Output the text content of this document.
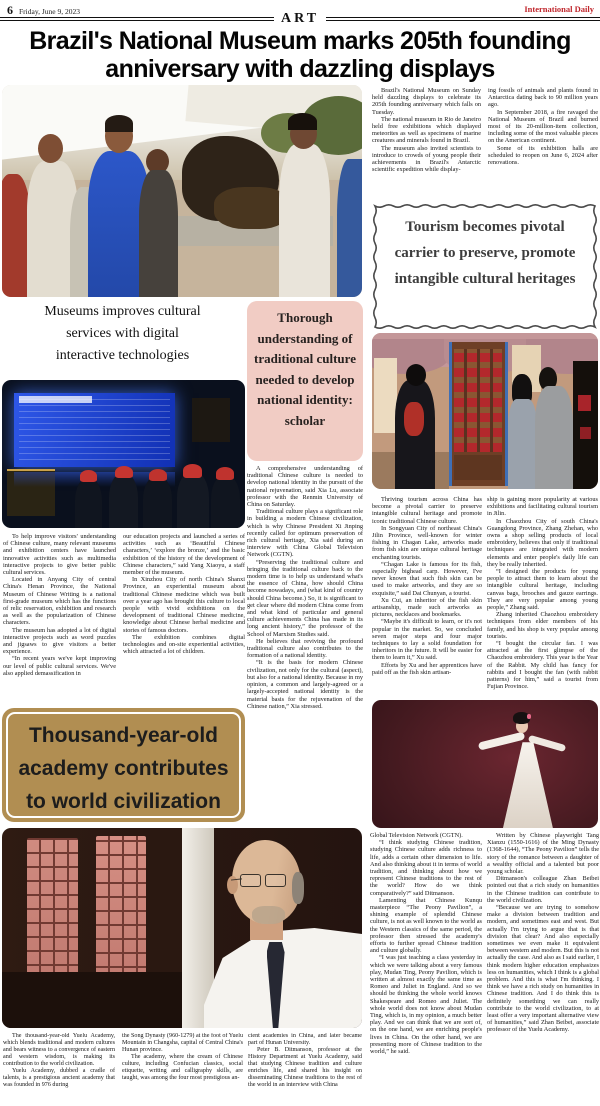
6 Friday, June 9, 2023	International Daily
ART
Brazil's National Museum marks 205th founding anniversary with dazzling displays

Brazil's National Museum on Sunday held dazzling displays to celebrate its 205th founding anniversary which falls on Tuesday.

The national museum in Rio de Janeiro held free exhibitions which displayed meteorites as well as specimens of marine creatures and minerals found in Brazil.

The museum also invited scientists to introduce to crowds of young people their achievements in Brazil's Antarctic scientific expedition while display-

ing fossils of animals and plants found in Antarctica dating back to 90 million years ago.

In September 2018, a fire ravaged the National Museum of Brazil and burned most of its 20-million-item collection, including some of the most valuable pieces on the American continent.

Some of its exhibition halls are scheduled to reopen on June 6, 2024 after renovations.

Tourism becomes pivotal carrier to preserve, promote intangible cultural heritages
Museums improves cultural services with digital interactive technologies
Thorough understanding of traditional culture needed to develop national identity: scholar

A comprehensive understanding of traditional Chinese culture is needed to develop national identity in the pursuit of the national rejuvenation, said Xia Lu, associate professor with the Renmin University of China on Saturday.

Traditional culture plays a significant role in building a modern Chinese civilization, which is why Chinese President Xi Jinping recently called for optimum preservation of rich cultural heritage, Xia said during an interview with China Global Television Network (CGTN).

“Preserving the traditional culture and bringing the traditional culture back to the modern time is to help us understand what's the essence of China, how should China become nowadays, and (what kind of country should China become.) So, it is significant to get clear where did modern China come from and what kind of particular and general culture achievements China has made in its long ancient history,” the professor of the School of Marxism Studies said.

He believes that reviving the profound traditional culture also contributes to the formation of a national identity.

“It is the basis for modern Chinese civilization, not only for the cultural (aspect), but also for a national identity. Because in my opinion, a common and largely-agreed or a largely-accepted national identity is the material basis for the rejuvenation of the Chinese nation,” Xia stressed.

To help improve visitors' understanding of Chinese culture, many relevant museums and exhibition centers have launched innovative activities such as multimedia interactive projects to give better public cultural services.

Located in Anyang City of central China's Henan Province, the National Museum of Chinese Writing is a national first-grade museum which has the functions of relic reservation, exhibition and research as well as the popularization of Chinese characters.

The museum has adopted a lot of digital interactive projects such as word puzzles and jigsaws to give visitors a better experience.

“In recent years we've kept improving our level of public cultural services. We've also applied demassification in

our education projects and launched a series of activities such as ‘Beautiful Chinese characters,’ ‘explore the bronze,’ and the basic exhibition of the history of the development of Chinese characters,” said Yang Xiaoyu, a staff member of the museum.

In Xinzhou City of north China's Shanxi Province, an experiential museum about traditional Chinese medicine which was built over a year ago has brought this culture to local people with vivid exhibitions on the development of traditional Chinese medicine, knowledge about Chinese herbal medicine and stories of famous doctors.

The exhibition combines digital technologies and on-site experiential activities, which attracted a lot of children.

Thriving tourism across China has become a pivotal carrier to preserve intangible cultural heritage and promote iconic traditional Chinese culture.

In Songyuan City of northeast China's Jilin Province, well-known for winter fishing in Chagan Lake, artworks made from fish skin are unique cultural heritage enchanting tourists.

“Chagan Lake is famous for its fish, especially bighead carp. However, I've never known that such fish skin can be used to make artworks, and they are so exquisite,” said Dai Chunyan, a tourist.

Xu Cui, an inheritor of the fish skin artisanship, made such artworks as pictures, necklaces and bookmarks.

“Maybe it's difficult to learn, or it's not popular in the market. So, we concluded seven major steps and four major techniques to lay a solid foundation for inheritors in the future. It will be easier for them to learn it,” Xu said.

Efforts by Xu and her apprentices have paid off as the fish skin artisan-

ship is gaining more popularity at various exhibitions and facilitating cultural tourism in Jilin.

In Chaozhou City of south China's Guangdong Province, Zhang Zhehan, who owns a shop selling products of local embroidery, believes that only if traditional techniques are integrated with modern elements and enter people's daily life can they be really inherited.

“I designed the products for young people to attract them to learn about the intangible cultural heritage, including canvas bags, brooches and gauze earrings. They are very popular among young people,” Zhang said.

Zhang inherited Chaozhou embroidery techniques from elder members of his family, and his shop is very popular among tourists.

“I bought the circular fan. I was attracted at the first glimpse of the Chaozhou embroidery. This year is the Year of the Rabbit. My child has fancy for rabbits and I bought the fan (with rabbit patterns) for him,” said a tourist from Fujian Province.

Thousand-year-old academy contributes to world civilization

The thousand-year-old Yuelu Academy, which blends traditional and modern cultures and bears witness to a convergence of eastern and western wisdom, is making its contribution to the world civilization.

Yuelu Academy, dubbed a cradle of talents, is a prestigious ancient academy that was founded in 976 during

the Song Dynasty (960-1279) at the foot of Yuelu Mountain in Changsha, capital of Central China's Hunan province.

The academy, where the cream of Chinese culture, including Confucian classics, social etiquette, writing and calligraphy skills, are taught, was among the four most prestigious an-

cient academies in China, and later became part of Hunan University.

Peter B. Ditmanson, professor at the History Department at Yuelu Academy, said that studying Chinese tradition and culture enriches life, and shared his insight on disseminating Chinese traditions to the rest of the world in an interview with China

Global Television Network (CGTN).

“I think studying Chinese tradition, studying Chinese culture adds richness to life, adds a certain other dimension to life. And also thinking about it in terms of world tradition, and thinking about how we represent Chinese traditions to the rest of the world? How do we think comparatively?” said Ditmanson.

Lamenting that Chinese Kunqu masterpiece “The Peony Pavilion”, a shining example of splendid Chinese culture, is not as well known to the world as the Western classics of the same period, the professor then stressed the academy's efforts to further spread Chinese tradition and culture globally.

“I was just teaching a class yesterday in which we were talking about a very famous play, Mudan Ting, Peony Pavilion, which is written at almost exactly the same time as Romeo and Juliet in England. And so we should be thinking the whole world knows Shakespeare and Romeo and Juliet. The whole world does not know about Mudan Ting, which is, in my opinion, a much better play. And we can think that we are sort of, on the one hand, we are enriching people's lives in China. On the other hand, we are presenting more of Chinese tradition to the world,” he said.

Written by Chinese playwright Tang Xianzu (1550-1616) of the Ming Dynasty (1368-1644), “The Peony Pavilion” tells the story of the romance between a daughter of a wealthy official and a talented but poor young scholar.

Ditmanson's colleague Zhan Beibei pointed out that a rich study on humanities in the Chinese tradition can contribute to the world civilization.

“Because we are trying to somehow make a division between tradition and modern, and sometimes east and west. But actually I'm trying to argue that is that division that clear? And also especially sometimes we even make it equivalent between western and modern. But this is not actually the case. And also as I said earlier, I think modern higher education emphasizes less on humanities, which I think is a global problem. And this is what I'm thinking. I think we have a rich study on humanities in Chinese tradition. And I do think this is definitely something we can really contribute to the world civilization, to at least offer a very important alternative view of humanities,” said Zhan Beibei, associate professor of the Yuelu Academy.
